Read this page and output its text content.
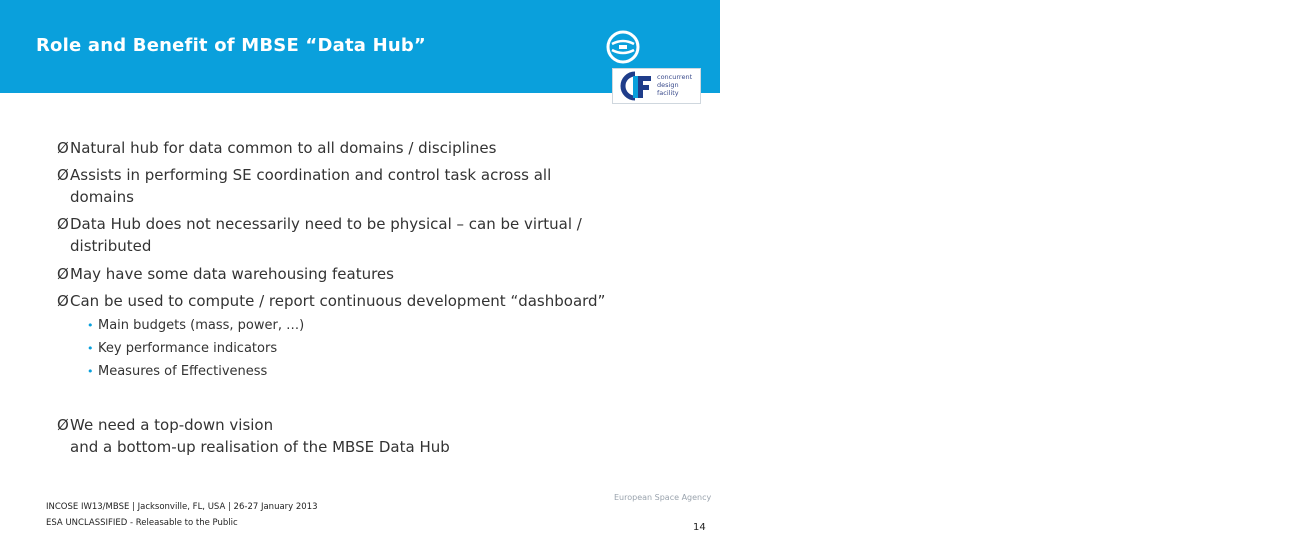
Role and Benefit of MBSE “Data Hub”	esa
concurrent
design facility
Ø Natural hub for data common to all domains / disciplines
Ø Assists in performing SE coordination and control task across all
domains
Ø Data Hub does not necessarily need to be physical – can be virtual /
distributed
Ø May have some data warehousing features
Ø Can be used to compute / report continuous development “dashboard”
• Main budgets (mass, power, …)
• Key performance indicators
• Measures of Effectiveness
Ø We need a top-down vision
and a bottom-up realisation of the MBSE Data Hub
INCOSE IW13/MBSE | Jacksonville, FL, USA | 26-27 January 2013
ESA UNCLASSIFIED - Releasable to the Public
European Space Agency
14
